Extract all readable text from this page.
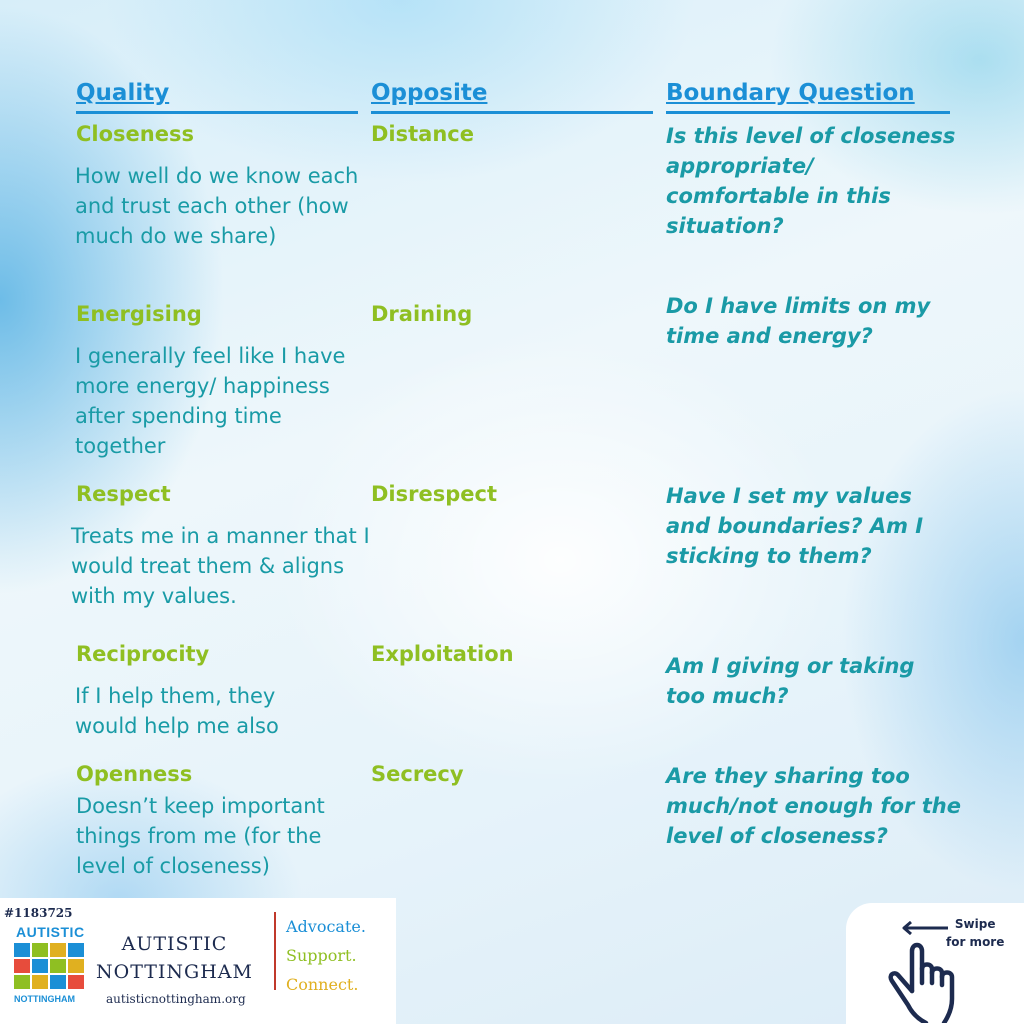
Quality	Opposite	Boundary Question
Closeness
How well do we know each and trust each other (how much do we share)
Distance	Is this level of closeness appropriate/ comfortable in this situation?
Energising
I generally feel like I have more energy/ happiness after spending time together
Draining	Do I have limits on my time and energy?
Respect
Treats me in a manner that I would treat them & aligns with my values.
Disrespect	Have I set my values and boundaries? Am I sticking to them?
Reciprocity
If I help them, they would help me also
Exploitation	Am I giving or taking too much?
Openness
Doesn’t keep important things from me (for the level of closeness)
Secrecy	Are they sharing too much/not enough for the level of closeness?
#1183725
AUTISTIC
NOTTINGHAM
AUTISTIC
NOTTINGHAM
autisticnottingham.org
Advocate.
Support.
Connect.
Swipe
for more
